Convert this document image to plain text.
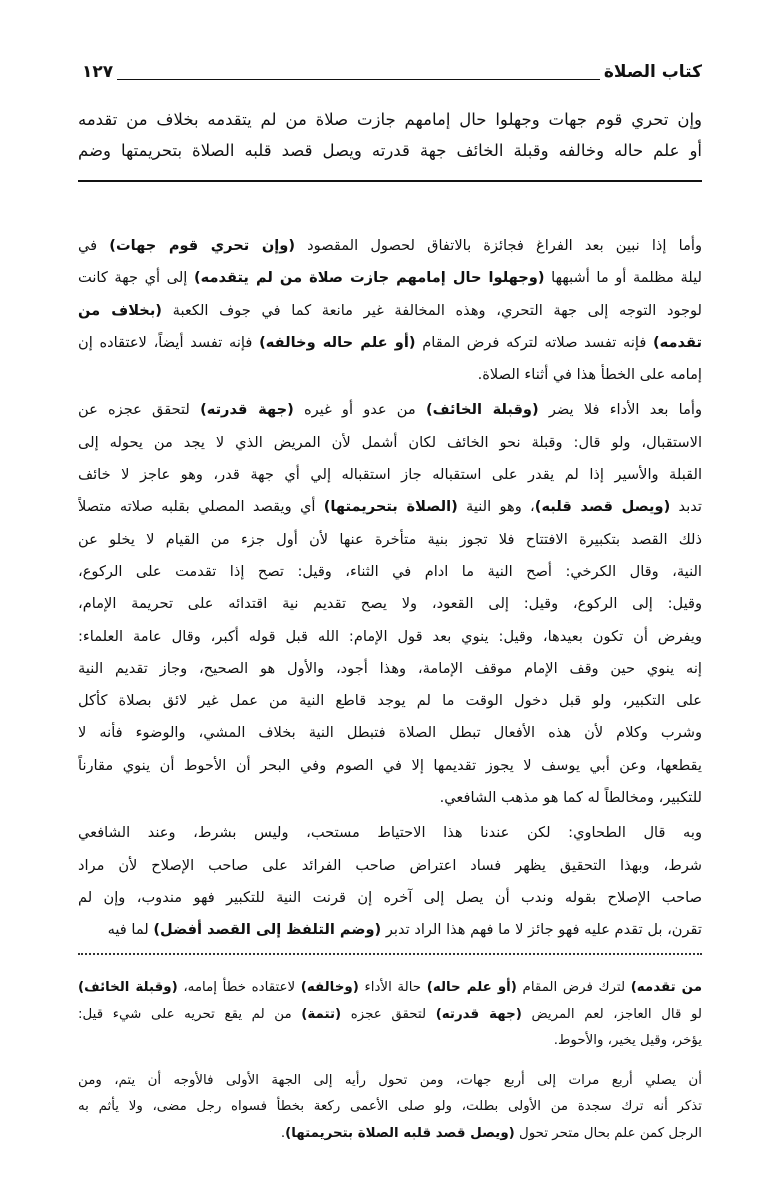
كتاب الصلاة
١٢٧
وإن تحري قوم جهات وجهلوا حال إمامهم جازت صلاة من لم يتقدمه بخلاف من تقدمه
أو علم حاله وخالفه وقبلة الخائف جهة قدرته ويصل قصد قلبه الصلاة بتحريمتها وضم
وأما إذا نبين بعد الفراغ فجائزة بالاتفاق لحصول المقصود (وإن تحري قوم جهات) في
ليلة مظلمة أو ما أشبهها (وجهلوا حال إمامهم جازت صلاة من لم يتقدمه) إلى أي جهة كانت
لوجود التوجه إلى جهة التحري، وهذه المخالفة غير مانعة كما في جوف الكعبة (بخلاف من
تقدمه) فإنه تفسد صلاته لتركه فرض المقام (أو علم حاله وخالفه) فإنه تفسد أيضاً، لاعتقاده إن
إمامه على الخطأ هذا في أثناء الصلاة.
وأما بعد الأداء فلا يضر (وقبلة الخائف) من عدو أو غيره (جهة قدرته) لتحقق عجزه عن
الاستقبال، ولو قال: وقبلة نحو الخائف لكان أشمل لأن المريض الذي لا يجد من يحوله إلى
القبلة والأسير إذا لم يقدر على استقباله جاز استقباله إلي أي جهة قدر، وهو عاجز لا خائف
تدبد (ويصل قصد قلبه)، وهو النية (الصلاة بتحريمتها) أي ويقصد المصلي بقلبه صلاته متصلاً
ذلك القصد بتكبيرة الافتتاح فلا تجوز بنية متأخرة عنها لأن أول جزء من القيام لا يخلو عن
النية، وقال الكرخي: أصح النية ما ادام في الثناء، وقيل: تصح إذا تقدمت على الركوع،
وقيل: إلى الركوع، وقيل: إلى القعود، ولا يصح تقديم نية اقتدائه على تحريمة الإمام،
ويفرض أن تكون بعيدها، وقيل: ينوي بعد قول الإمام: الله قبل قوله أكبر، وقال عامة العلماء:
إنه ينوي حين وقف الإمام موقف الإمامة، وهذا أجود، والأول هو الصحيح، وجاز تقديم النية
على التكبير، ولو قبل دخول الوقت ما لم يوجد قاطع النية من عمل غير لائق بصلاة كأكل
وشرب وكلام لأن هذه الأفعال تبطل الصلاة فتبطل النية بخلاف المشي، والوضوء فأنه لا
يقطعها، وعن أبي يوسف لا يجوز تقديمها إلا في الصوم وفي البحر أن الأحوط أن ينوي مقارناً
للتكبير، ومخالطاً له كما هو مذهب الشافعي.
وبه قال الطحاوي: لكن عندنا هذا الاحتياط مستحب، وليس بشرط، وعند الشافعي
شرط، وبهذا التحقيق يظهر فساد اعتراض صاحب الفرائد على صاحب الإصلاح لأن مراد
صاحب الإصلاح بقوله وندب أن يصل إلى آخره إن قرنت النية للتكبير فهو مندوب، وإن لم
تقرن، بل تقدم عليه فهو جائز لا ما فهم هذا الراد تدبر (وضم التلفظ إلى القصد أفضل) لما فيه
من تقدمه) لترك فرض المقام (أو علم حاله) حالة الأداء (وخالفه) لاعتقاده خطأ إمامه، (وقبلة الخائف)
لو قال العاجز، لعم المريض (جهة قدرته) لتحقق عجزه (تتمة) من لم يقع تحريه على شيء قيل:
يؤخر، وقيل يخير، والأحوط.
أن يصلي أربع مرات إلى أربع جهات، ومن تحول رأيه إلى الجهة الأولى فالأوجه أن يتم، ومن
تذكر أنه ترك سجدة من الأولى بطلت، ولو صلى الأعمى ركعة بخطأ فسواه رجل مضى، ولا يأثم به
الرجل كمن علم بحال متحر تحول (ويصل قصد قلبه الصلاة بتحريمتها).
